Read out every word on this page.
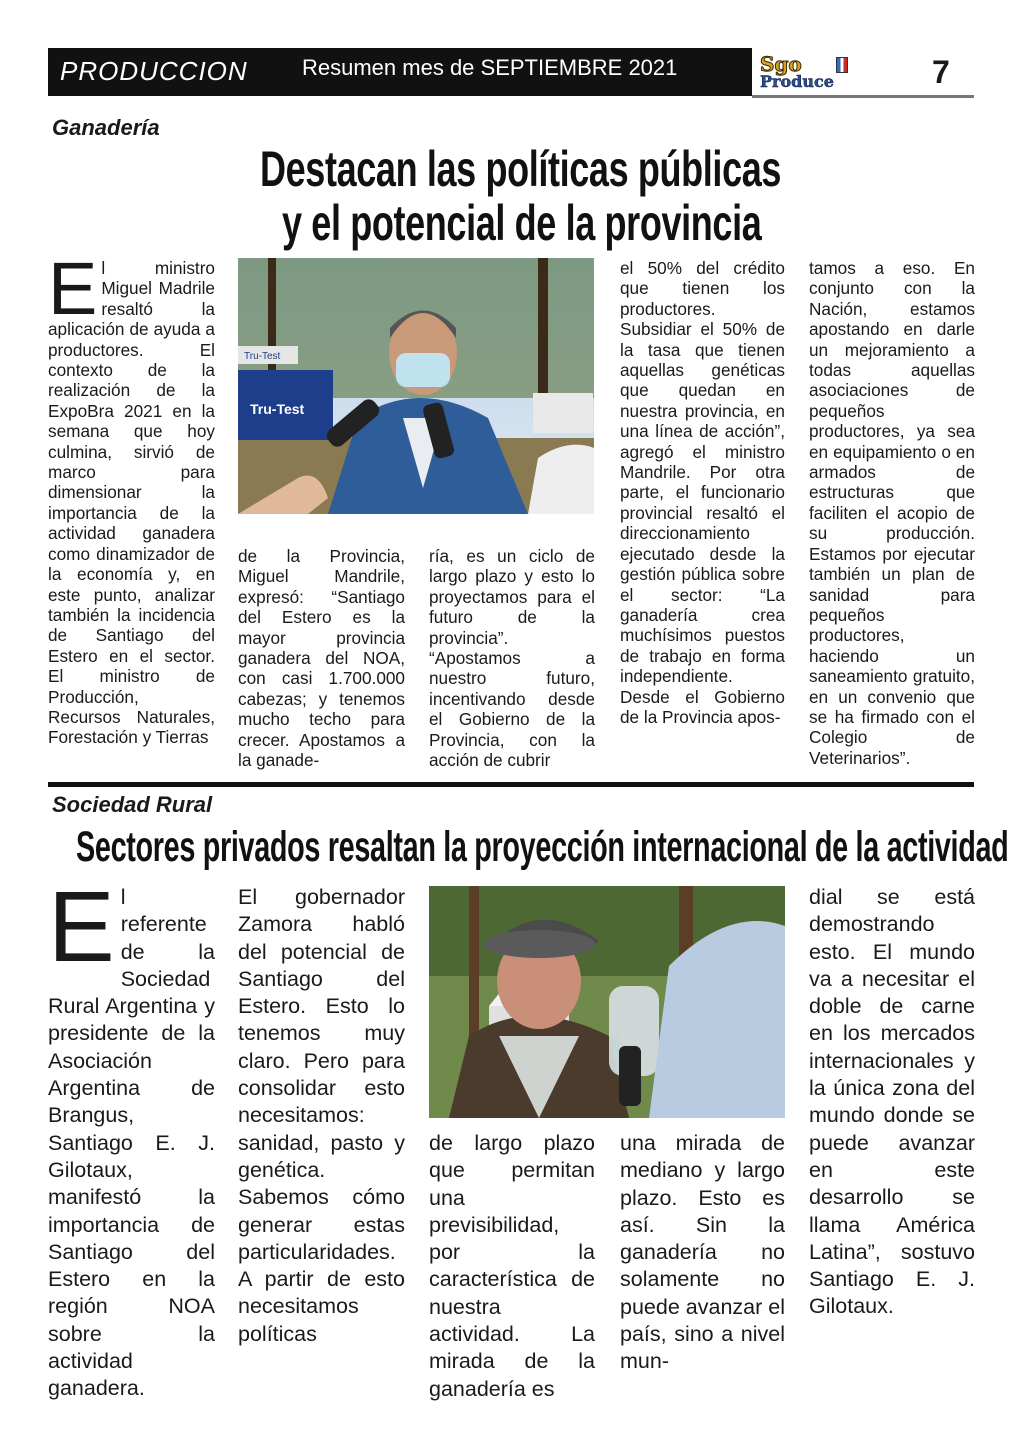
PRODUCCION Resumen mes de SEPTIEMBRE 2021	Sgo
Produce	7
Ganadería
Destacan las políticas públicas
y el potencial de la provincia
E l ministro Miguel Madrile resaltó la aplicación de ayuda a productores. El contexto de la realización de la ExpoBra 2021 en la semana que hoy culmina, sirvió de marco para dimensionar la importancia de la actividad ganadera como dinamizador de la economía y, en este punto, analizar también la incidencia de Santiago del Estero en el sector. El ministro de Producción, Recursos Naturales, Forestación y Tierras
Tru-Test
Tru-Test
de la Provincia, Miguel Mandrile, expresó: “Santiago del Estero es la mayor provincia ganadera del NOA, con casi 1.700.000 cabezas; y tenemos mucho techo para crecer. Apostamos a la ganade-
ría, es un ciclo de largo plazo y esto lo proyectamos para el futuro de la provincia”. “Apostamos a nuestro futuro, incentivando desde el Gobierno de la Provincia, con la acción de cubrir
el 50% del crédito que tienen los productores. Subsidiar el 50% de la tasa que tienen aquellas genéticas que quedan en nuestra provincia, en una línea de acción”, agregó el ministro Mandrile. Por otra parte, el funcionario provincial resaltó el direccionamiento ejecutado desde la gestión pública sobre el sector: “La ganadería crea muchísimos puestos de trabajo en forma independiente. Desde el Gobierno de la Provincia apos-
tamos a eso. En conjunto con la Nación, estamos apostando en darle un mejoramiento a todas aquellas asociaciones de pequeños productores, ya sea en equipamiento o en armados de estructuras que faciliten el acopio de su producción. Estamos por ejecutar también un plan de sanidad para pequeños productores, haciendo un saneamiento gratuito, en un convenio que se ha firmado con el Colegio de Veterinarios”.
Sociedad Rural
Sectores privados resaltan la proyección internacional de la actividad
E l referente de la Sociedad Rural Argentina y presidente de la Asociación Argentina de Brangus, Santiago E. J. Gilotaux, manifestó la importancia de Santiago del Estero en la región NOA sobre la actividad ganadera.
El gobernador Zamora habló del potencial de Santiago del Estero. Esto lo tenemos muy claro. Pero para consolidar esto necesitamos: sanidad, pasto y genética. Sabemos cómo generar estas particularidades. A partir de esto necesitamos políticas
de largo plazo que permitan una previsibilidad, por la característica de nuestra actividad. La mirada de la ganadería es
una mirada de mediano y largo plazo. Esto es así. Sin la ganadería no solamente no puede avanzar el país, sino a nivel mun-
dial se está demostrando esto. El mundo va a necesitar el doble de carne en los mercados internacionales y la única zona del mundo donde se puede avanzar en este desarrollo se llama América Latina”, sostuvo Santiago E. J. Gilotaux.
